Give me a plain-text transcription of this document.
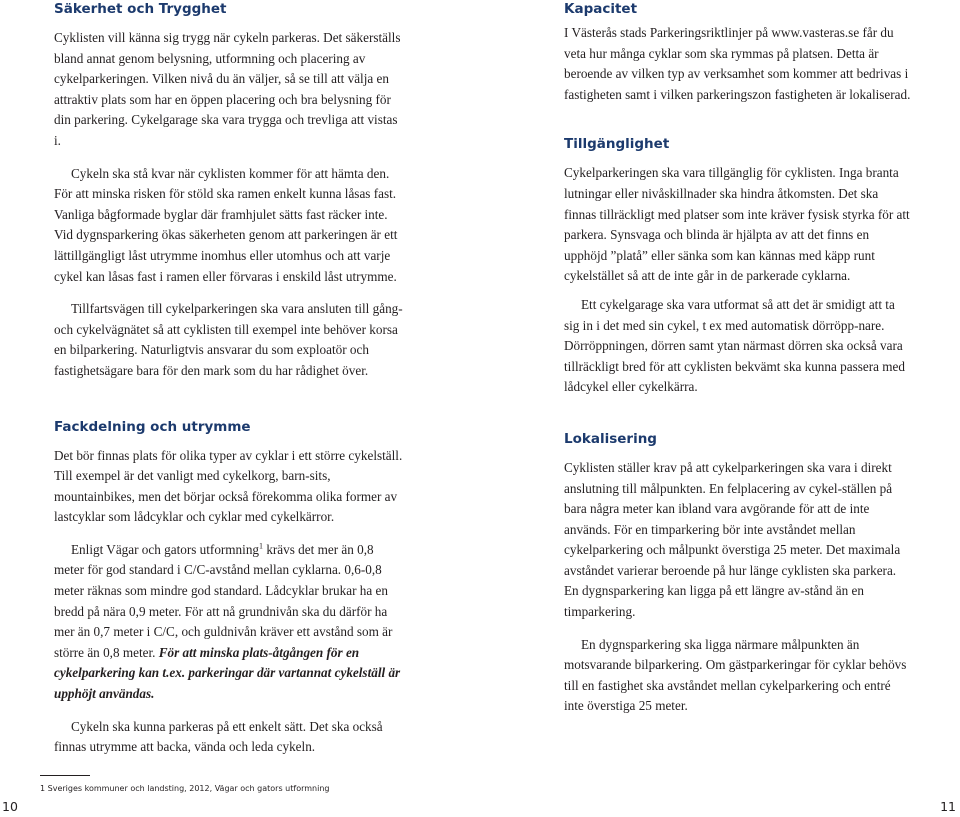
Säkerhet och Trygghet

Cyklisten vill känna sig trygg när cykeln parkeras. Det säkerställs bland annat genom belysning, utformning och placering av cykelparkeringen. Vilken nivå du än väljer, så se till att välja en attraktiv plats som har en öppen placering och bra belysning för din parkering. Cykelgarage ska vara trygga och trevliga att vistas i.

Cykeln ska stå kvar när cyklisten kommer för att hämta den. För att minska risken för stöld ska ramen enkelt kunna låsas fast. Vanliga bågformade byglar där framhjulet sätts fast räcker inte. Vid dygnsparkering ökas säkerheten genom att parkeringen är ett lättillgängligt låst utrymme inomhus eller utomhus och att varje cykel kan låsas fast i ramen eller förvaras i enskild låst utrymme.

Tillfartsvägen till cykelparkeringen ska vara ansluten till gång- och cykelvägnätet så att cyklisten till exempel inte behöver korsa en bilparkering. Naturligtvis ansvarar du som exploatör och fastighetsägare bara för den mark som du har rådighet över.

Fackdelning och utrymme

Det bör finnas plats för olika typer av cyklar i ett större cykelställ. Till exempel är det vanligt med cykelkorg, barn-sits, mountainbikes, men det börjar också förekomma olika former av lastcyklar som lådcyklar och cyklar med cykelkärror.

Enligt Vägar och gators utformning$^1$ krävs det mer än 0,8 meter för god standard i C/C-avstånd mellan cyklarna. 0,6-0,8 meter räknas som mindre god standard. Lådcyklar brukar ha en bredd på nära 0,9 meter. För att nå grundnivån ska du därför ha mer än 0,7 meter i C/C, och guldnivån kräver ett avstånd som är större än 0,8 meter. För att minska plats-åtgången för en cykelparkering kan t.ex. parkeringar där vartannat cykelställ är upphöjt användas.

Cykeln ska kunna parkeras på ett enkelt sätt. Det ska också finnas utrymme att backa, vända och leda cykeln.

Kapacitet

I Västerås stads Parkeringsriktlinjer på www.vasteras.se får du veta hur många cyklar som ska rymmas på platsen. Detta är beroende av vilken typ av verksamhet som kommer att bedrivas i fastigheten samt i vilken parkeringszon fastigheten är lokaliserad.

Tillgänglighet

Cykelparkeringen ska vara tillgänglig för cyklisten. Inga branta lutningar eller nivåskillnader ska hindra åtkomsten. Det ska finnas tillräckligt med platser som inte kräver fysisk styrka för att parkera. Synsvaga och blinda är hjälpta av att det finns en upphöjd ”platå” eller sänka som kan kännas med käpp runt cykelstället så att de inte går in de parkerade cyklarna.

Ett cykelgarage ska vara utformat så att det är smidigt att ta sig in i det med sin cykel, t ex med automatisk dörröpp-nare. Dörröppningen, dörren samt ytan närmast dörren ska också vara tillräckligt bred för att cyklisten bekvämt ska kunna passera med lådcykel eller cykelkärra.

Lokalisering

Cyklisten ställer krav på att cykelparkeringen ska vara i direkt anslutning till målpunkten. En felplacering av cykel-ställen på bara några meter kan ibland vara avgörande för att de inte används. För en timparkering bör inte avståndet mellan cykelparkering och målpunkt överstiga 25 meter. Det maximala avståndet varierar beroende på hur länge cyklisten ska parkera. En dygnsparkering kan ligga på ett längre av-stånd än en timparkering.

En dygnsparkering ska ligga närmare målpunkten än motsvarande bilparkering. Om gästparkeringar för cyklar behövs till en fastighet ska avståndet mellan cykelparkering och entré inte överstiga 25 meter.

1 Sveriges kommuner och landsting, 2012, Vägar och gators utformning
10	11
